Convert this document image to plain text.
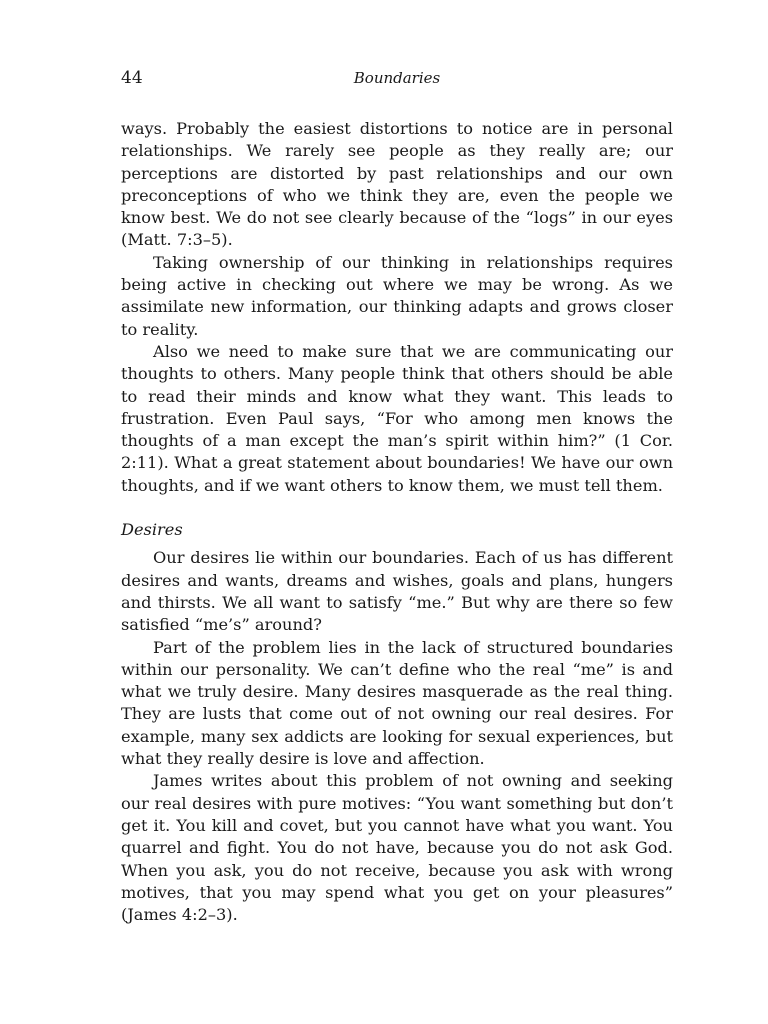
44	Boundaries

ways. Probably the easiest distortions to notice are in personal relationships. We rarely see people as they really are; our perceptions are distorted by past relationships and our own preconceptions of who we think they are, even the people we know best. We do not see clearly because of the “logs” in our eyes (Matt. 7:3–5).

Taking ownership of our thinking in relationships requires being active in checking out where we may be wrong. As we assimilate new information, our thinking adapts and grows closer to reality.

Also we need to make sure that we are communicating our thoughts to others. Many people think that others should be able to read their minds and know what they want. This leads to frustration. Even Paul says, “For who among men knows the thoughts of a man except the man’s spirit within him?” (1 Cor. 2:11). What a great statement about boundaries! We have our own thoughts, and if we want others to know them, we must tell them.

Desires

Our desires lie within our boundaries. Each of us has different desires and wants, dreams and wishes, goals and plans, hungers and thirsts. We all want to satisfy “me.” But why are there so few satisfied “me’s” around?

Part of the problem lies in the lack of structured boundaries within our personality. We can’t define who the real “me” is and what we truly desire. Many desires masquerade as the real thing. They are lusts that come out of not owning our real desires. For example, many sex addicts are looking for sexual experiences, but what they really desire is love and affection.

James writes about this problem of not owning and seeking our real desires with pure motives: “You want something but don’t get it. You kill and covet, but you cannot have what you want. You quarrel and fight. You do not have, because you do not ask God. When you ask, you do not receive, because you ask with wrong motives, that you may spend what you get on your pleasures” (James 4:2–3).
